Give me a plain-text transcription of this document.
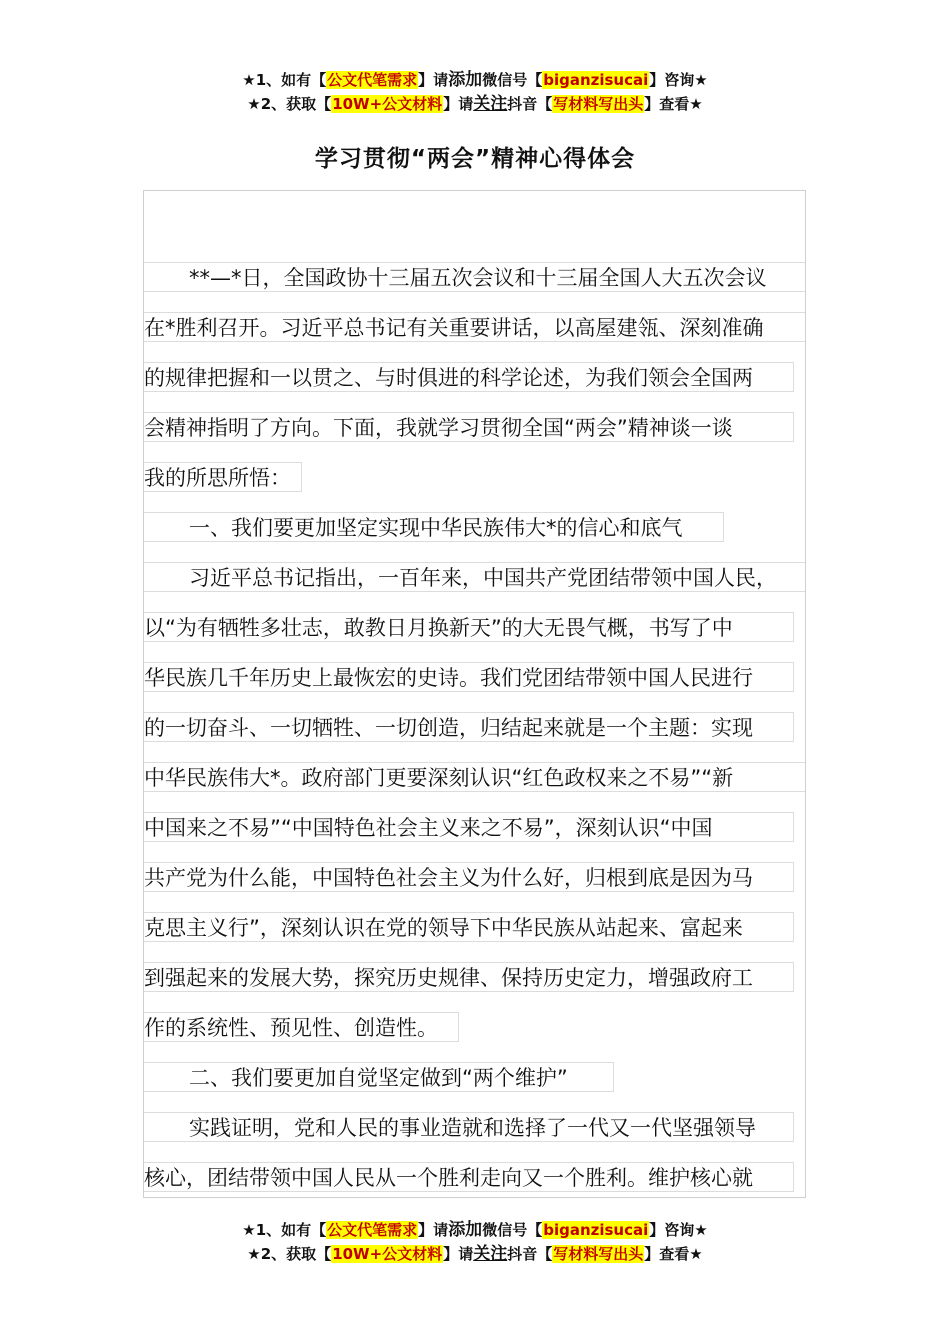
★1、如有【公文代笔需求】请添加微信号【biganzisucai】咨询★
★2、获取【10W+公文材料】请关注抖音【写材料写出头】查看★
学习贯彻“两会”精神心得体会
**—*日，全国政协十三届五次会议和十三届全国人大五次会议
在*胜利召开。习近平总书记有关重要讲话，以高屋建瓴、深刻准确
的规律把握和一以贯之、与时俱进的科学论述，为我们领会全国两
会精神指明了方向。下面，我就学习贯彻全国“两会”精神谈一谈
我的所思所悟：
一、我们要更加坚定实现中华民族伟大*的信心和底气
习近平总书记指出，一百年来，中国共产党团结带领中国人民，
以“为有牺牲多壮志，敢教日月换新天”的大无畏气概，书写了中
华民族几千年历史上最恢宏的史诗。我们党团结带领中国人民进行
的一切奋斗、一切牺牲、一切创造，归结起来就是一个主题：实现
中华民族伟大*。政府部门更要深刻认识“红色政权来之不易”“新
中国来之不易”“中国特色社会主义来之不易”，深刻认识“中国
共产党为什么能，中国特色社会主义为什么好，归根到底是因为马
克思主义行”，深刻认识在党的领导下中华民族从站起来、富起来
到强起来的发展大势，探究历史规律、保持历史定力，增强政府工
作的系统性、预见性、创造性。
二、我们要更加自觉坚定做到“两个维护”
实践证明，党和人民的事业造就和选择了一代又一代坚强领导
核心，团结带领中国人民从一个胜利走向又一个胜利。维护核心就
★1、如有【公文代笔需求】请添加微信号【biganzisucai】咨询★
★2、获取【10W+公文材料】请关注抖音【写材料写出头】查看★
